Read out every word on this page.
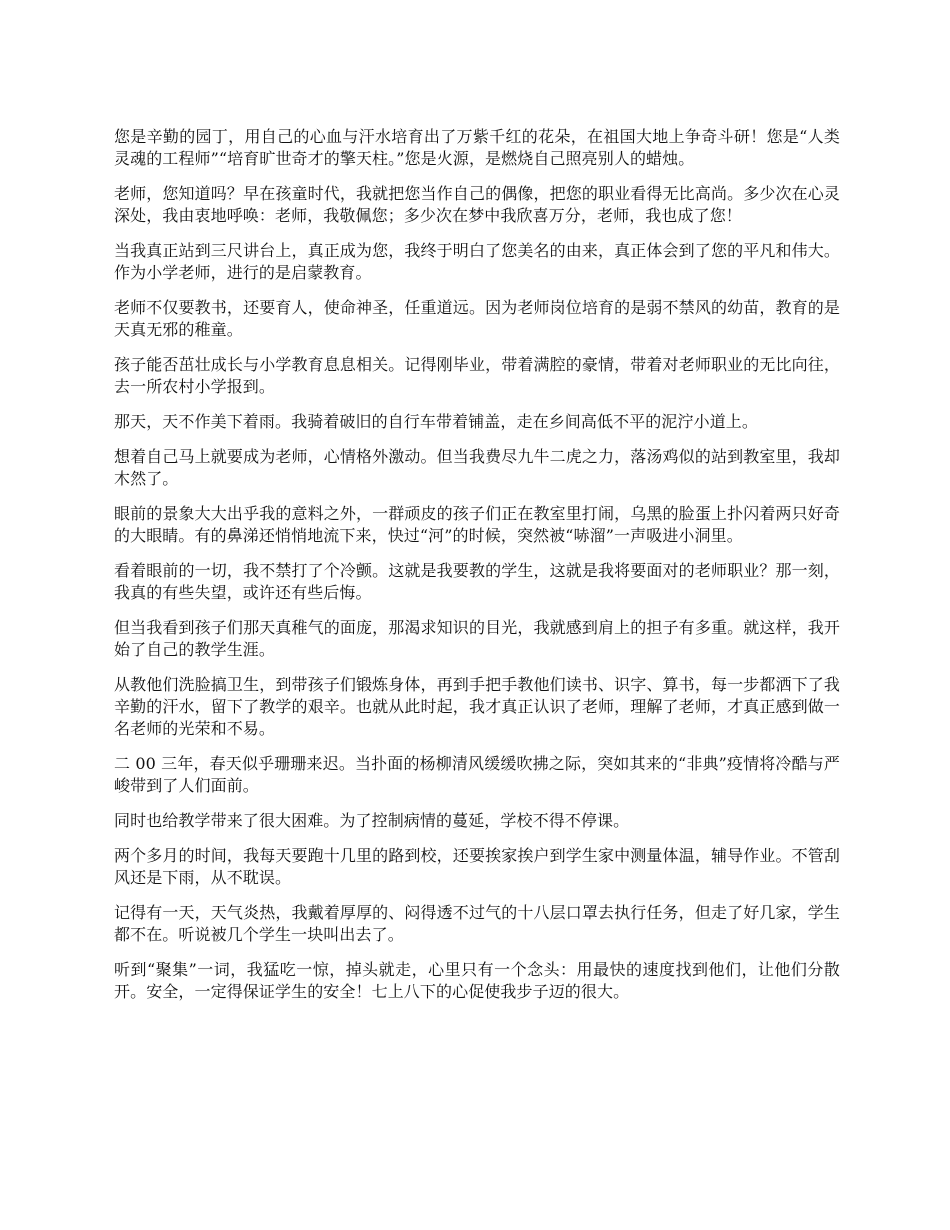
您是辛勤的园丁，用自己的心血与汗水培育出了万紫千红的花朵，在祖国大地上争奇斗研！您是“人类灵魂的工程师”“培育旷世奇才的擎天柱。”您是火源，是燃烧自己照亮别人的蜡烛。

老师，您知道吗？早在孩童时代，我就把您当作自己的偶像，把您的职业看得无比高尚。多少次在心灵深处，我由衷地呼唤：老师，我敬佩您；多少次在梦中我欣喜万分，老师，我也成了您！

当我真正站到三尺讲台上，真正成为您，我终于明白了您美名的由来，真正体会到了您的平凡和伟大。作为小学老师，进行的是启蒙教育。

老师不仅要教书，还要育人，使命神圣，任重道远。因为老师岗位培育的是弱不禁风的幼苗，教育的是天真无邪的稚童。

孩子能否茁壮成长与小学教育息息相关。记得刚毕业，带着满腔的豪情，带着对老师职业的无比向往，去一所农村小学报到。

那天，天不作美下着雨。我骑着破旧的自行车带着铺盖，走在乡间高低不平的泥泞小道上。

想着自己马上就要成为老师，心情格外激动。但当我费尽九牛二虎之力，落汤鸡似的站到教室里，我却木然了。

眼前的景象大大出乎我的意料之外，一群顽皮的孩子们正在教室里打闹，乌黑的脸蛋上扑闪着两只好奇的大眼睛。有的鼻涕还悄悄地流下来，快过“河”的时候，突然被“哧溜”一声吸进小洞里。

看着眼前的一切，我不禁打了个冷颤。这就是我要教的学生，这就是我将要面对的老师职业？那一刻，我真的有些失望，或许还有些后悔。

但当我看到孩子们那天真稚气的面庞，那渴求知识的目光，我就感到肩上的担子有多重。就这样，我开始了自己的教学生涯。

从教他们洗脸搞卫生，到带孩子们锻炼身体，再到手把手教他们读书、识字、算书，每一步都洒下了我辛勤的汗水，留下了教学的艰辛。也就从此时起，我才真正认识了老师，理解了老师，才真正感到做一名老师的光荣和不易。

二 00 三年，春天似乎珊珊来迟。当扑面的杨柳清风缓缓吹拂之际，突如其来的“非典”疫情将冷酷与严峻带到了人们面前。

同时也给教学带来了很大困难。为了控制病情的蔓延，学校不得不停课。

两个多月的时间，我每天要跑十几里的路到校，还要挨家挨户到学生家中测量体温，辅导作业。不管刮风还是下雨，从不耽误。

记得有一天，天气炎热，我戴着厚厚的、闷得透不过气的十八层口罩去执行任务，但走了好几家，学生都不在。听说被几个学生一块叫出去了。

听到“聚集”一词，我猛吃一惊，掉头就走，心里只有一个念头：用最快的速度找到他们，让他们分散开。安全，一定得保证学生的安全！七上八下的心促使我步子迈的很大。
